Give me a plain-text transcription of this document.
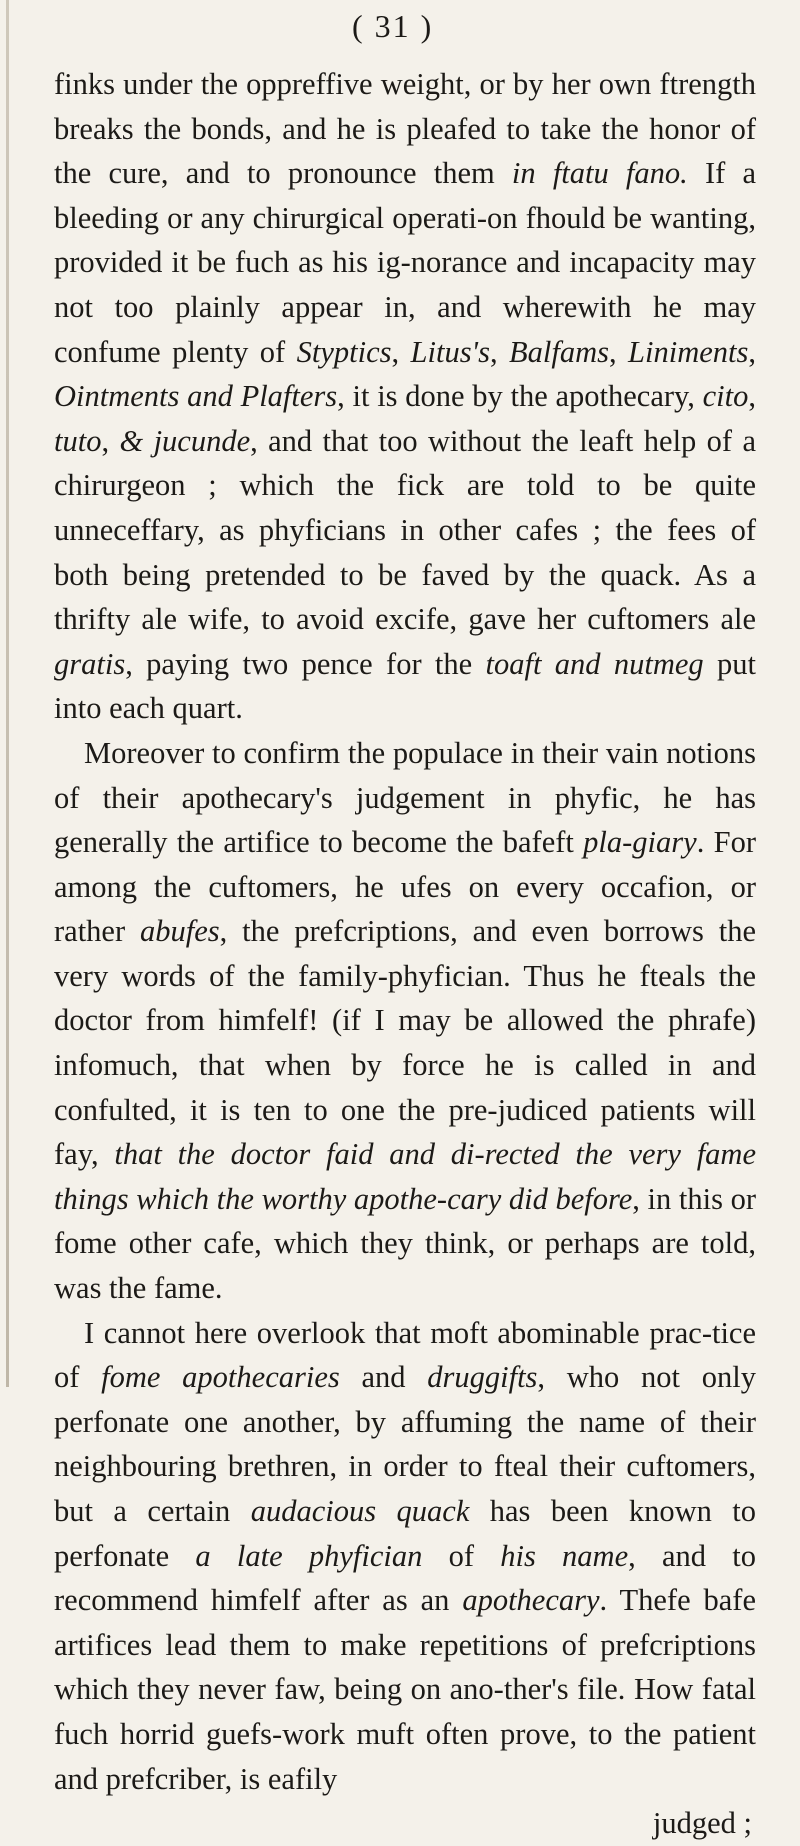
( 31 )

finks under the oppreffive weight, or by her own ftrength breaks the bonds, and he is pleafed to take the honor of the cure, and to pronounce them in ftatu fano. If a bleeding or any chirurgical operati-on fhould be wanting, provided it be fuch as his ig-norance and incapacity may not too plainly appear in, and wherewith he may confume plenty of Styptics, Litus's, Balfams, Liniments, Ointments and Plafters, it is done by the apothecary, cito, tuto, & jucunde, and that too without the leaft help of a chirurgeon ; which the fick are told to be quite unneceffary, as phyficians in other cafes ; the fees of both being pretended to be faved by the quack. As a thrifty ale wife, to avoid excife, gave her cuftomers ale gratis, paying two pence for the toaft and nutmeg put into each quart.

Moreover to confirm the populace in their vain notions of their apothecary's judgement in phyfic, he has generally the artifice to become the bafeft pla-giary. For among the cuftomers, he ufes on every occafion, or rather abufes, the prefcriptions, and even borrows the very words of the family-phyfician. Thus he fteals the doctor from himfelf! (if I may be allowed the phrafe) infomuch, that when by force he is called in and confulted, it is ten to one the pre-judiced patients will fay, that the doctor faid and di-rected the very fame things which the worthy apothe-cary did before, in this or fome other cafe, which they think, or perhaps are told, was the fame.

I cannot here overlook that moft abominable prac-tice of fome apothecaries and druggifts, who not only perfonate one another, by affuming the name of their neighbouring brethren, in order to fteal their cuftomers, but a certain audacious quack has been known to perfonate a late phyfician of his name, and to recommend himfelf after as an apothecary. Thefe bafe artifices lead them to make repetitions of prefcriptions which they never faw, being on ano-ther's file. How fatal fuch horrid guefs-work muft often prove, to the patient and prefcriber, is eafily

judged ;
